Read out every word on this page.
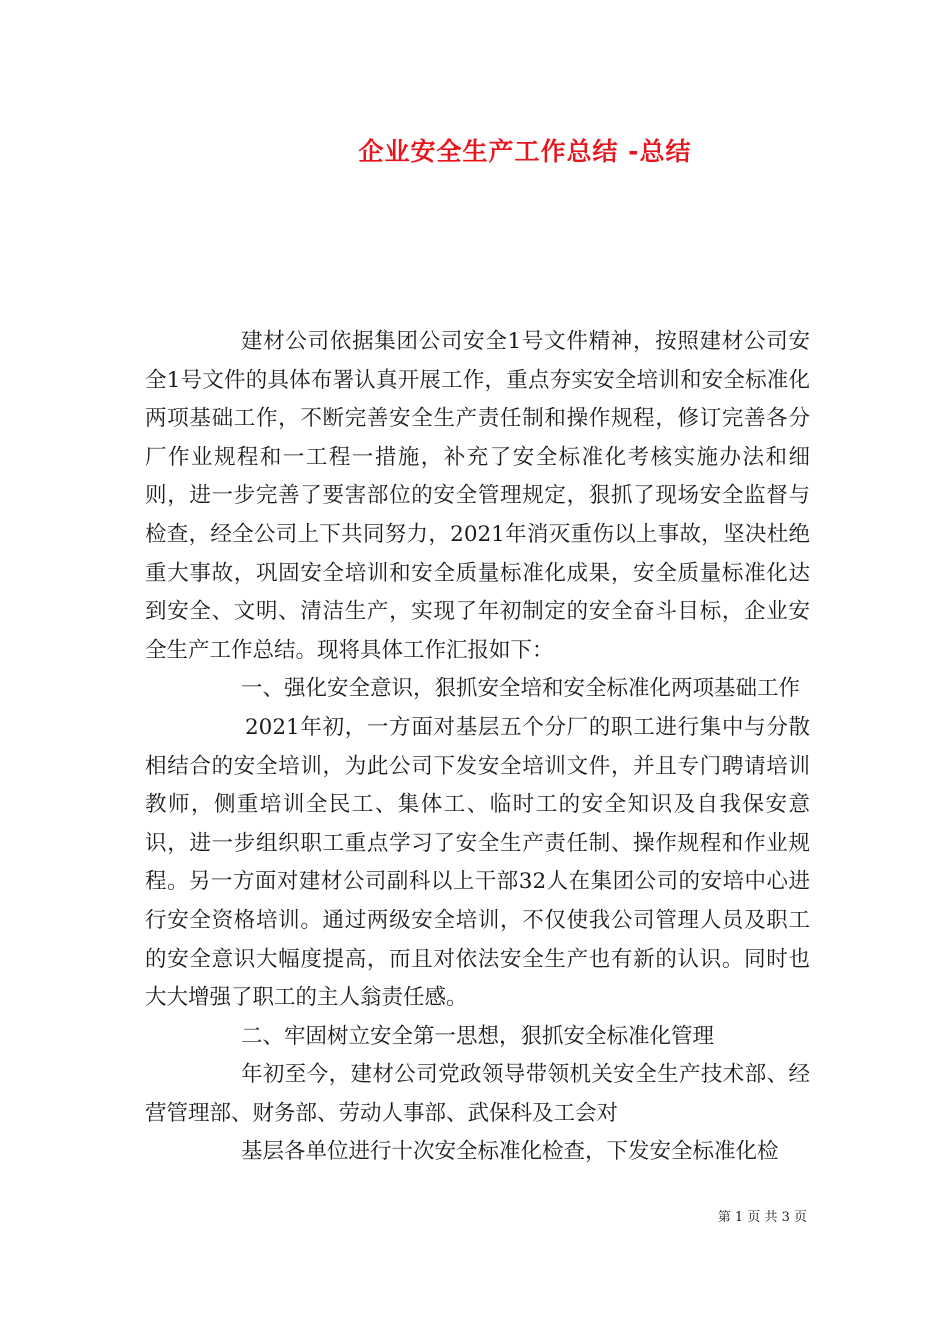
企业安全生产工作总结 -总结

建材公司依据集团公司安全1号文件精神，按照建材公司安全1号文件的具体布署认真开展工作，重点夯实安全培训和安全标准化两项基础工作，不断完善安全生产责任制和操作规程，修订完善各分厂作业规程和一工程一措施，补充了安全标准化考核实施办法和细则，进一步完善了要害部位的安全管理规定，狠抓了现场安全监督与检查，经全公司上下共同努力，2021年消灭重伤以上事故，坚决杜绝重大事故，巩固安全培训和安全质量标准化成果，安全质量标准化达到安全、文明、清洁生产，实现了年初制定的安全奋斗目标，企业安全生产工作总结。现将具体工作汇报如下：

一、强化安全意识，狠抓安全培和安全标准化两项基础工作

2021年初，一方面对基层五个分厂的职工进行集中与分散相结合的安全培训，为此公司下发安全培训文件，并且专门聘请培训教师，侧重培训全民工、集体工、临时工的安全知识及自我保安意识，进一步组织职工重点学习了安全生产责任制、操作规程和作业规程。另一方面对建材公司副科以上干部32人在集团公司的安培中心进行安全资格培训。通过两级安全培训，不仅使我公司管理人员及职工的安全意识大幅度提高，而且对依法安全生产也有新的认识。同时也大大增强了职工的主人翁责任感。

二、牢固树立安全第一思想，狠抓安全标准化管理

年初至今，建材公司党政领导带领机关安全生产技术部、经营管理部、财务部、劳动人事部、武保科及工会对

基层各单位进行十次安全标准化检查，下发安全标准化检

第 1 页 共 3 页
